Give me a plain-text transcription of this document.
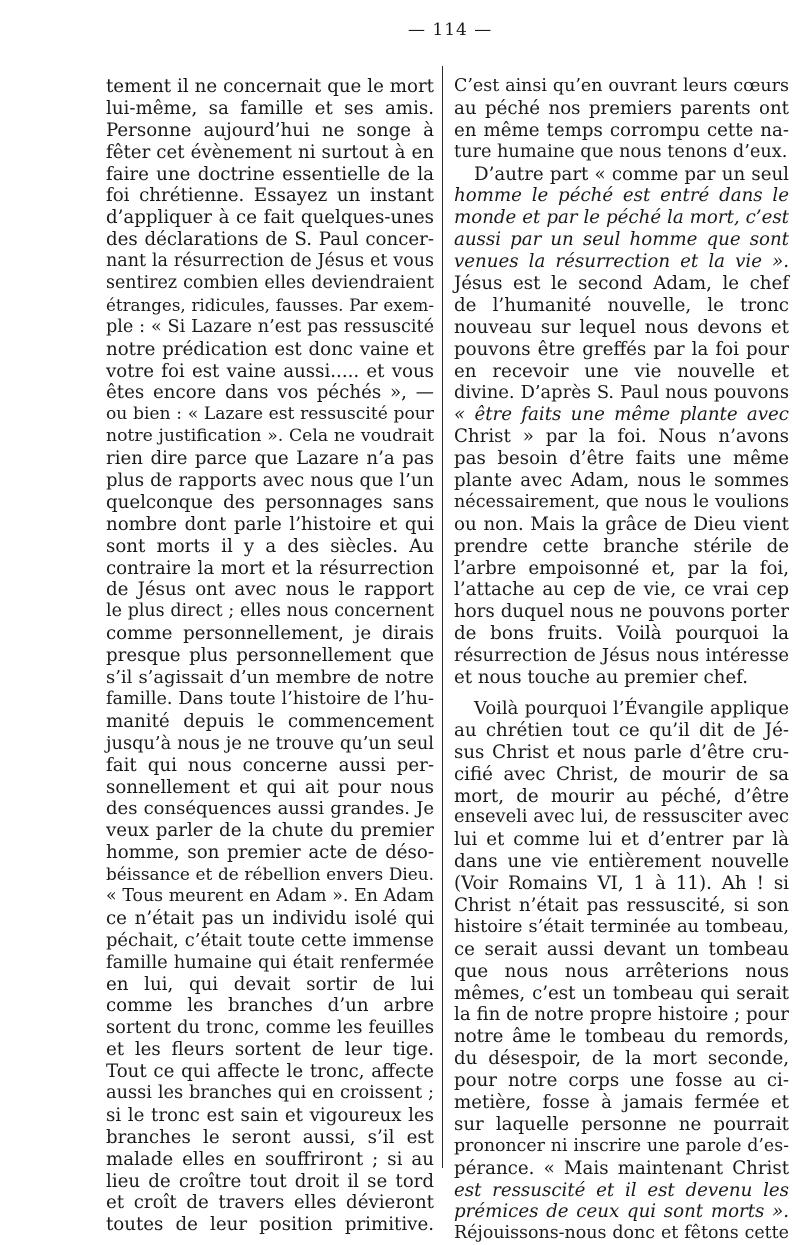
— 114 —
tement il ne concernait que le mort
lui-même, sa famille et ses amis.
Personne aujourd’hui ne songe à
fêter cet évènement ni surtout à en
faire une doctrine essentielle de la
foi chrétienne. Essayez un instant
d’appliquer à ce fait quelques-unes
des déclarations de S. Paul concer-
nant la résurrection de Jésus et vous
sentirez combien elles deviendraient
étranges, ridicules, fausses. Par exem-
ple : « Si Lazare n’est pas ressuscité
notre prédication est donc vaine et
votre foi est vaine aussi..... et vous
êtes encore dans vos péchés », —
ou bien : « Lazare est ressuscité pour
notre justification ». Cela ne voudrait
rien dire parce que Lazare n’a pas
plus de rapports avec nous que l’un
quelconque des personnages sans
nombre dont parle l’histoire et qui
sont morts il y a des siècles. Au
contraire la mort et la résurrection
de Jésus ont avec nous le rapport
le plus direct ; elles nous concernent
comme personnellement, je dirais
presque plus personnellement que
s’il s’agissait d’un membre de notre
famille. Dans toute l’histoire de l’hu-
manité depuis le commencement
jusqu’à nous je ne trouve qu’un seul
fait qui nous concerne aussi per-
sonnellement et qui ait pour nous
des conséquences aussi grandes. Je
veux parler de la chute du premier
homme, son premier acte de déso-
béissance et de rébellion envers Dieu.
« Tous meurent en Adam ». En Adam
ce n’était pas un individu isolé qui
péchait, c’était toute cette immense
famille humaine qui était renfermée
en lui, qui devait sortir de lui
comme les branches d’un arbre
sortent du tronc, comme les feuilles
et les fleurs sortent de leur tige.
Tout ce qui affecte le tronc, affecte
aussi les branches qui en croissent ;
si le tronc est sain et vigoureux les
branches le seront aussi, s’il est
malade elles en souffriront ; si au
lieu de croître tout droit il se tord
et croît de travers elles dévieront
toutes de leur position primitive.
C’est ainsi qu’en ouvrant leurs cœurs
au péché nos premiers parents ont
en même temps corrompu cette na-
ture humaine que nous tenons d’eux.
D’autre part « comme par un seul
homme le péché est entré dans le
monde et par le péché la mort, c’est
aussi par un seul homme que sont
venues la résurrection et la vie ».
Jésus est le second Adam, le chef
de l’humanité nouvelle, le tronc
nouveau sur lequel nous devons et
pouvons être greffés par la foi pour
en recevoir une vie nouvelle et
divine. D’après S. Paul nous pouvons
« être faits une même plante avec
Christ » par la foi. Nous n’avons
pas besoin d’être faits une même
plante avec Adam, nous le sommes
nécessairement, que nous le voulions
ou non. Mais la grâce de Dieu vient
prendre cette branche stérile de
l’arbre empoisonné et, par la foi,
l’attache au cep de vie, ce vrai cep
hors duquel nous ne pouvons porter
de bons fruits. Voilà pourquoi la
résurrection de Jésus nous intéresse
et nous touche au premier chef.
Voilà pourquoi l’Évangile applique
au chrétien tout ce qu’il dit de Jé-
sus Christ et nous parle d’être cru-
cifié avec Christ, de mourir de sa
mort, de mourir au péché, d’être
enseveli avec lui, de ressusciter avec
lui et comme lui et d’entrer par là
dans une vie entièrement nouvelle
(Voir Romains VI, 1 à 11). Ah ! si
Christ n’était pas ressuscité, si son
histoire s’était terminée au tombeau,
ce serait aussi devant un tombeau
que nous nous arrêterions nous
mêmes, c’est un tombeau qui serait
la fin de notre propre histoire ; pour
notre âme le tombeau du remords,
du désespoir, de la mort seconde,
pour notre corps une fosse au ci-
metière, fosse à jamais fermée et
sur laquelle personne ne pourrait
prononcer ni inscrire une parole d’es-
pérance. « Mais maintenant Christ
est ressuscité et il est devenu les
prémices de ceux qui sont morts ».
Réjouissons-nous donc et fêtons cette
